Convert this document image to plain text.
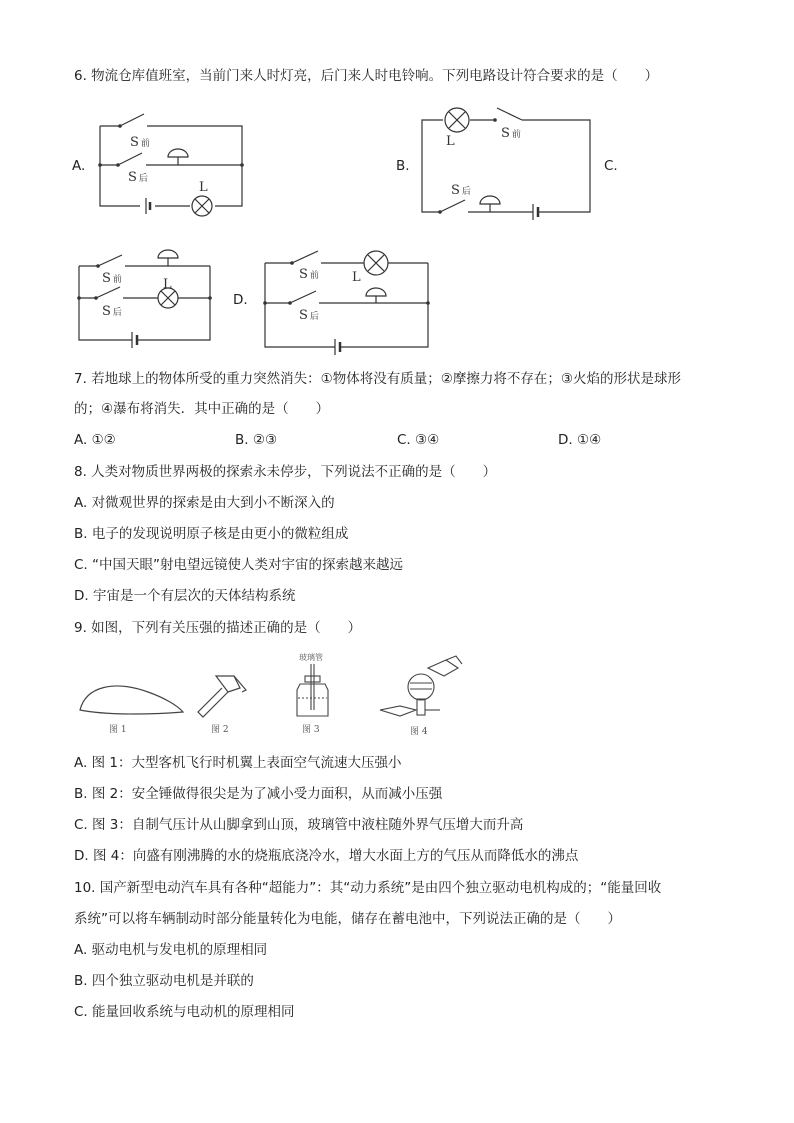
6. 物流仓库值班室，当前门来人时灯亮，后门来人时电铃响。下列电路设计符合要求的是（　　）
A.	B.	C.
D.
S 前
S 后
L
S 前
L
S 后
S 前
S 后
L
S 前
S 后
L
7. 若地球上的物体所受的重力突然消失：①物体将没有质量；②摩擦力将不存在；③火焰的形状是球形
的；④瀑布将消失．其中正确的是（　　）
A. ①②	B. ②③	C. ③④	D. ①④
8. 人类对物质世界两极的探索永未停步，下列说法不正确的是（　　）
A. 对微观世界的探索是由大到小不断深入的
B. 电子的发现说明原子核是由更小的微粒组成
C. “中国天眼”射电望远镜使人类对宇宙的探索越来越远
D. 宇宙是一个有层次的天体结构系统
9. 如图，下列有关压强的描述正确的是（　　）
图 1	图 2
玻璃管
图 3	图 4
A. 图 1：大型客机飞行时机翼上表面空气流速大压强小
B. 图 2：安全锤做得很尖是为了减小受力面积，从而减小压强
C. 图 3：自制气压计从山脚拿到山顶，玻璃管中液柱随外界气压增大而升高
D. 图 4：向盛有刚沸腾的水的烧瓶底浇冷水，增大水面上方的气压从而降低水的沸点
10. 国产新型电动汽车具有各种“超能力”：其“动力系统”是由四个独立驱动电机构成的；“能量回收
系统”可以将车辆制动时部分能量转化为电能，储存在蓄电池中，下列说法正确的是（　　）
A. 驱动电机与发电机的原理相同
B. 四个独立驱动电机是并联的
C. 能量回收系统与电动机的原理相同
